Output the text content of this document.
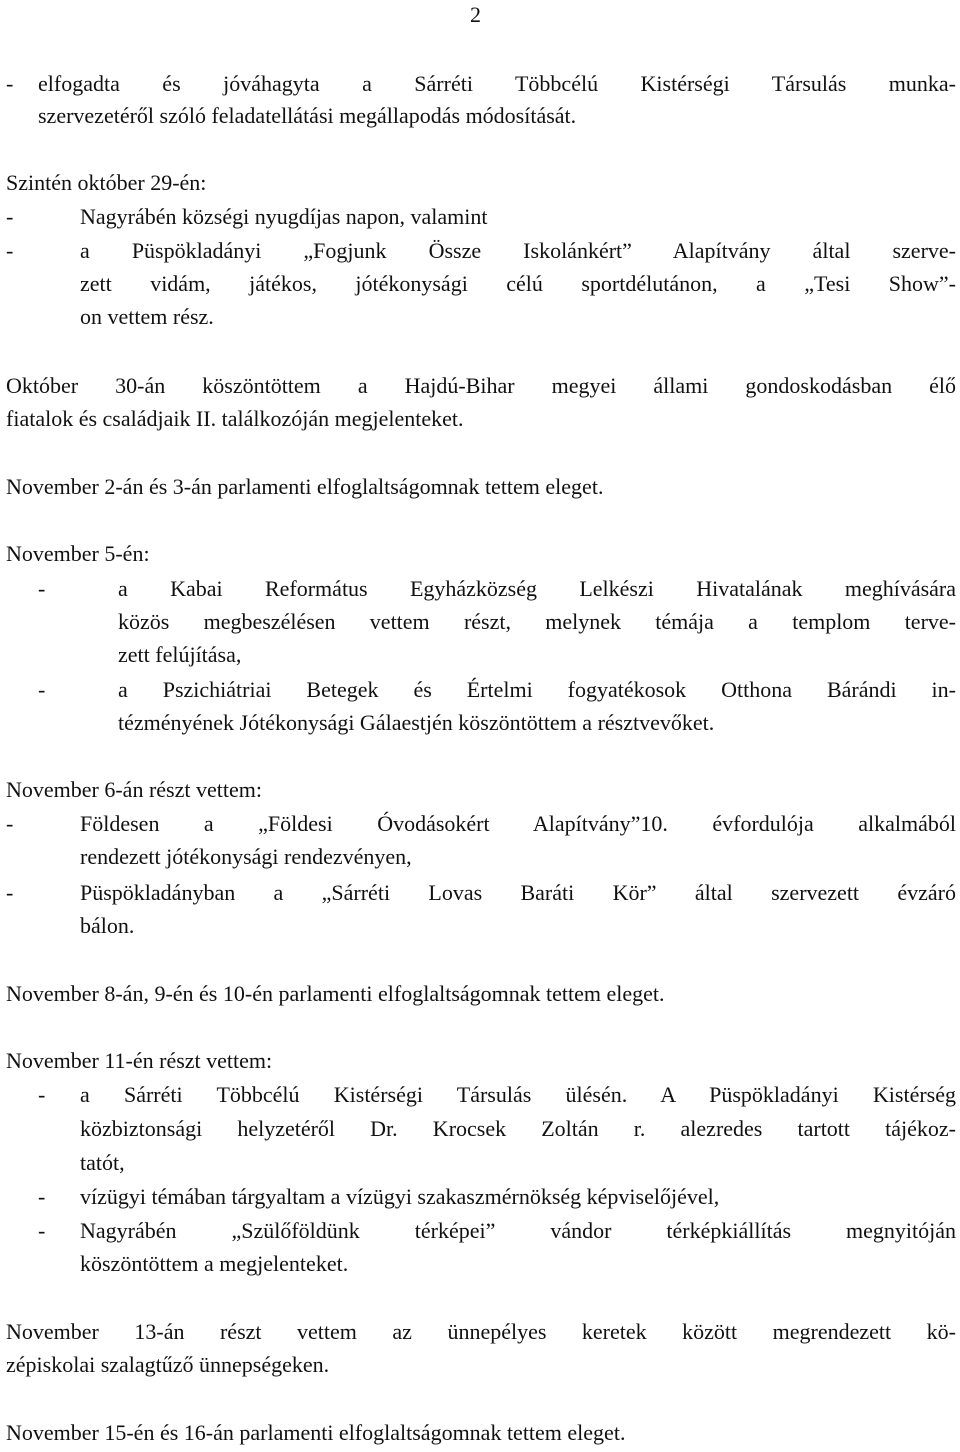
2
- elfogadta és jóváhagyta a Sárréti Többcélú Kistérségi Társulás munka-
szervezetéről szóló feladatellátási megállapodás módosítását.
Szintén október 29-én:
-	Nagyrábén községi nyugdíjas napon, valamint
-	a Püspökladányi „Fogjunk Össze Iskolánkért” Alapítvány által szerve-
zett vidám, játékos, jótékonysági célú sportdélutánon, a „Tesi Show”-
on vettem rész.
Október 30-án köszöntöttem a Hajdú-Bihar megyei állami gondoskodásban élő
fiatalok és családjaik II. találkozóján megjelenteket.
November 2-án és 3-án parlamenti elfoglaltságomnak tettem eleget.
November 5-én:
-	a Kabai Református Egyházközség Lelkészi Hivatalának meghívására
közös megbeszélésen vettem részt, melynek témája a templom terve-
zett felújítása,
-	a Pszichiátriai Betegek és Értelmi fogyatékosok Otthona Bárándi in-
tézményének Jótékonysági Gálaestjén köszöntöttem a résztvevőket.
November 6-án részt vettem:
-	Földesen a „Földesi Óvodásokért Alapítvány”10. évfordulója alkalmából
rendezett jótékonysági rendezvényen,
-	Püspökladányban a „Sárréti Lovas Baráti Kör” által szervezett évzáró
bálon.
November 8-án, 9-én és 10-én parlamenti elfoglaltságomnak tettem eleget.
November 11-én részt vettem:
- a Sárréti Többcélú Kistérségi Társulás ülésén. A Püspökladányi Kistérség
közbiztonsági helyzetéről Dr. Krocsek Zoltán r. alezredes tartott tájékoz-
tatót,
- vízügyi témában tárgyaltam a vízügyi szakaszmérnökség képviselőjével,
- Nagyrábén „Szülőföldünk térképei” vándor térképkiállítás megnyitóján
köszöntöttem a megjelenteket.
November 13-án részt vettem az ünnepélyes keretek között megrendezett kö-
zépiskolai szalagtűző ünnepségeken.
November 15-én és 16-án parlamenti elfoglaltságomnak tettem eleget.
